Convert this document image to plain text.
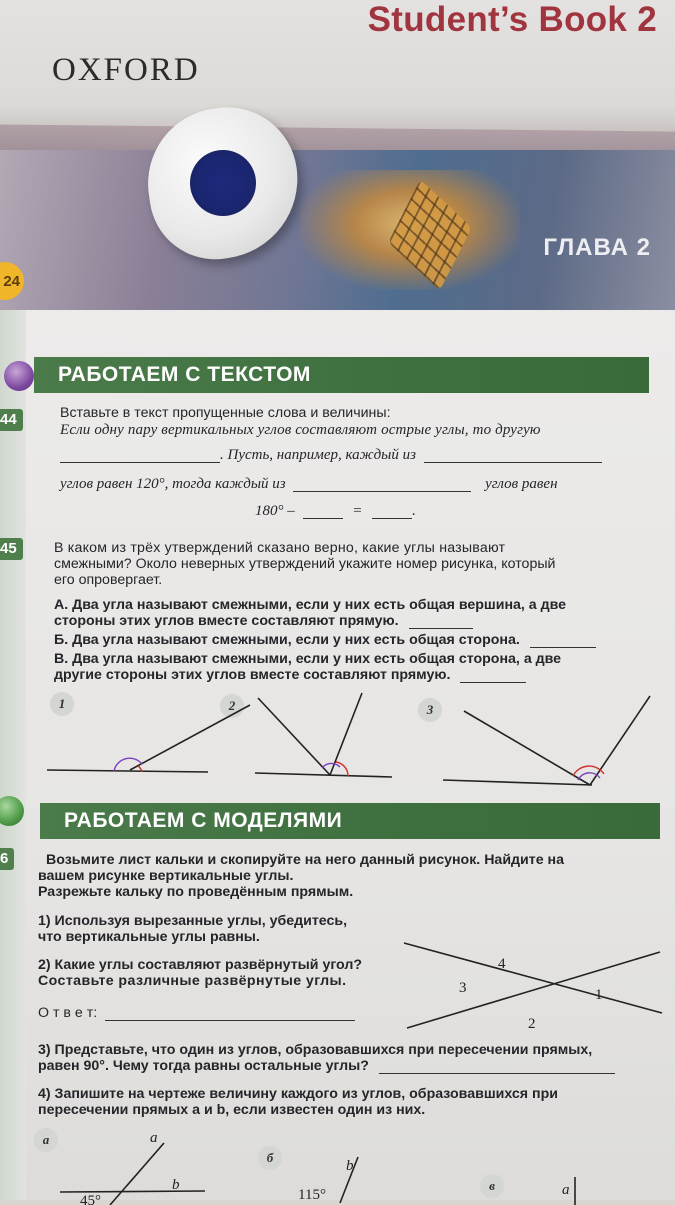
Student’s Book 2
OXFORD
ГЛАВА 2
24
РАБОТАЕМ С ТЕКСТОМ
44	Вставьте в текст пропущенные слова и величины:
Если одну пару вертикальных углов составляют острые углы, то другую
. Пусть, например, каждый из
углов равен 120°, тогда каждый из	углов равен
180° –	=	.
45	В каком из трёх утверждений сказано верно, какие углы называют
смежными? Около неверных утверждений укажите номер рисунка, который
его опровергает.
А. Два угла называют смежными, если у них есть общая вершина, а две
стороны этих углов вместе составляют прямую.
Б. Два угла называют смежными, если у них есть общая сторона.
В. Два угла называют смежными, если у них есть общая сторона, а две
другие стороны этих углов вместе составляют прямую.
1	2	3
РАБОТАЕМ С МОДЕЛЯМИ
6	Возьмите лист кальки и скопируйте на него данный рисунок. Найдите на
вашем рисунке вертикальные углы.
Разрежьте кальку по проведённым прямым.
1) Используя вырезанные углы, убедитесь,
что вертикальные углы равны.
2) Какие углы составляют развёрнутый угол?
Составьте различные развёрнутые углы.
О т в е т:
4
3	1
2
3) Представьте, что один из углов, образовавшихся при пересечении прямых,
равен 90°. Чему тогда равны остальные углы?
4) Запишите на чертеже величину каждого из углов, образовавшихся при
пересечении прямых a и b, если известен один из них.
а
б
в
a
b
45°
b
115°	a
